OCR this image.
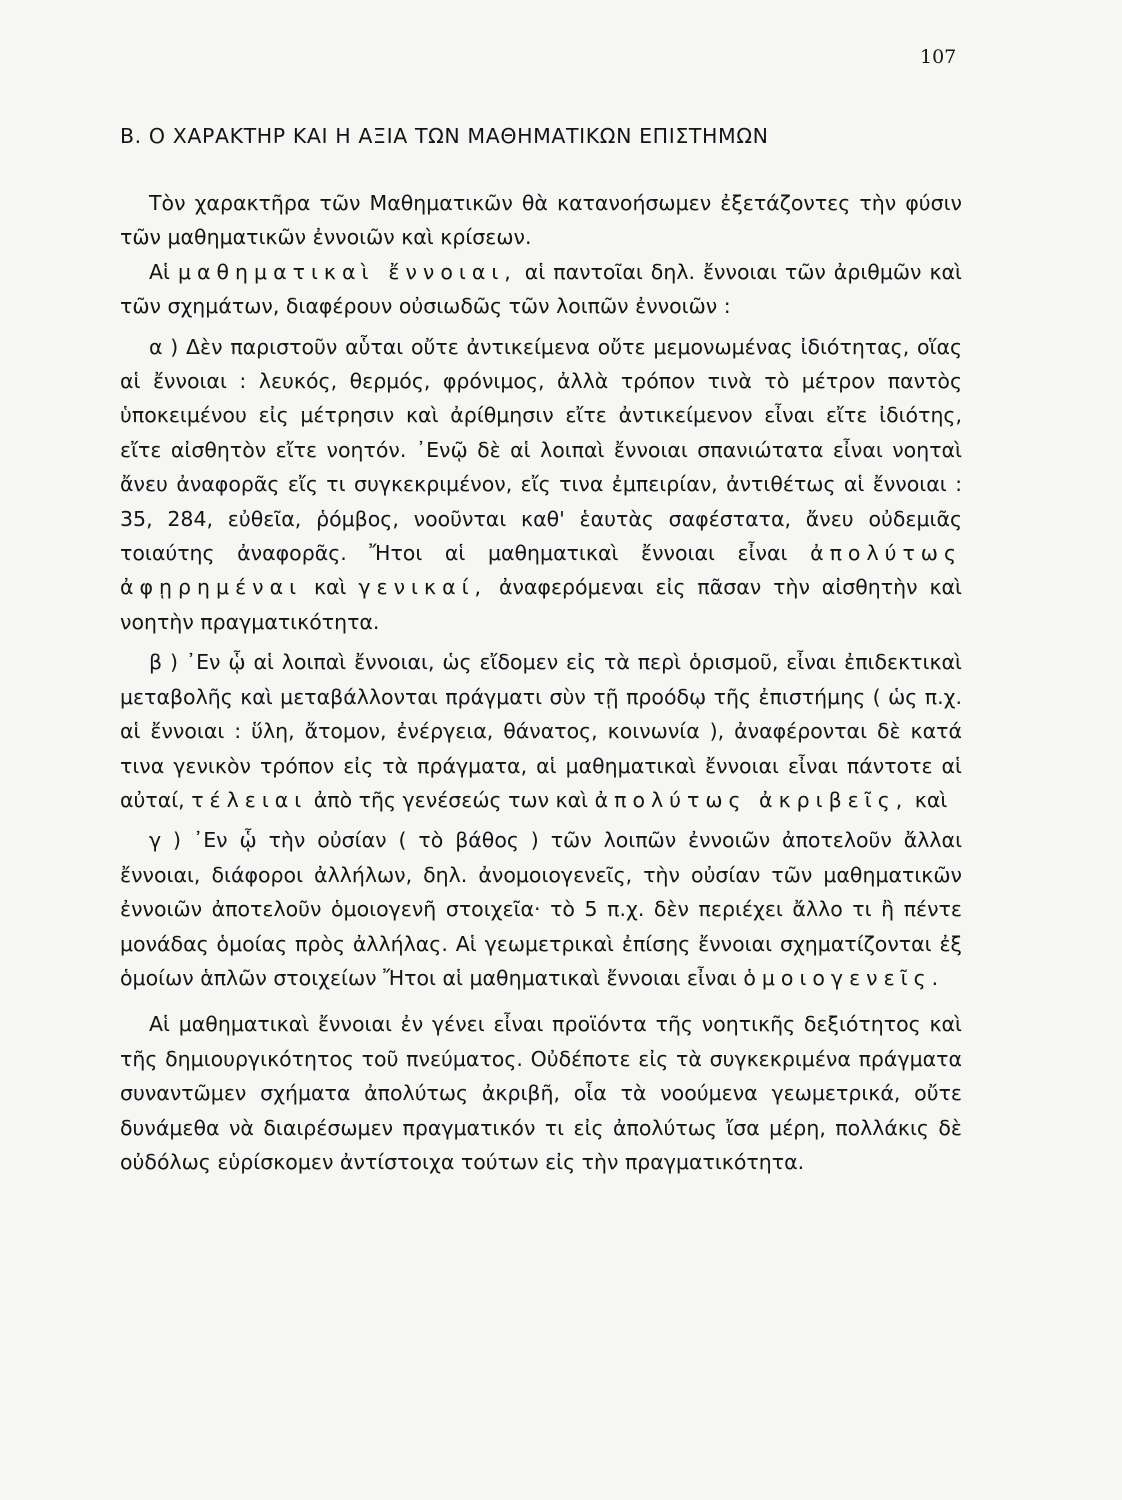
107
B. Ο ΧΑΡΑΚΤΗΡ ΚΑΙ Η ΑΞΙΑ ΤΩΝ ΜΑΘΗΜΑΤΙΚΩΝ ΕΠΙΣΤΗΜΩΝ

Τὸν χαρακτῆρα τῶν Μαθηματικῶν θὰ κατανοήσωμεν ἐξετάζοντες τὴν φύσιν τῶν μαθηματικῶν ἐννοιῶν καὶ κρίσεων.

Αἱ μαθηματικαὶ ἔννοιαι, αἱ παντοῖαι δηλ. ἔννοιαι τῶν ἀριθμῶν καὶ τῶν σχημάτων, διαφέρουν οὐσιωδῶς τῶν λοιπῶν ἐννοιῶν :

α ) Δὲν παριστοῦν αὗται οὔτε ἀντικείμενα οὔτε μεμονωμένας ἰδιότητας, οἵας αἱ ἔννοιαι : λευκός, θερμός, φρόνιμος, ἀλλὰ τρόπον τινὰ τὸ μέτρον παντὸς ὑποκειμένου εἰς μέτρησιν καὶ ἀρίθμησιν εἴτε ἀντικείμενον εἶναι εἴτε ἰδιότης, εἴτε αἰσθητὸν εἴτε νοητόν. ᾿Ενῷ δὲ αἱ λοιπαὶ ἔννοιαι σπανιώτατα εἶναι νοηταὶ ἄνευ ἀναφορᾶς εἴς τι συγκεκριμένον, εἴς τινα ἐμπειρίαν, ἀντιθέτως αἱ ἔννοιαι : 35, 284, εὐθεῖα, ῥόμβος, νοοῦνται καθ' ἑαυτὰς σαφέστατα, ἄνευ οὐδεμιᾶς τοιαύτης ἀναφορᾶς. Ἤτοι αἱ μαθηματικαὶ ἔννοιαι εἶναι ἀπολύτως ἀφῃρημέναι καὶ γενικαί, ἀναφερόμεναι εἰς πᾶσαν τὴν αἰσθητὴν καὶ νοητὴν πραγματικότητα.

β ) ᾿Εν ᾧ αἱ λοιπαὶ ἔννοιαι, ὡς εἴδομεν εἰς τὰ περὶ ὁρισμοῦ, εἶναι ἐπιδεκτικαὶ μεταβολῆς καὶ μεταβάλλονται πράγματι σὺν τῇ προόδῳ τῆς ἐπιστήμης ( ὡς π.χ. αἱ ἔννοιαι : ὕλη, ἄτομον, ἐνέργεια, θάνατος, κοινωνία ), ἀναφέρονται δὲ κατά τινα γενικὸν τρόπον εἰς τὰ πράγματα, αἱ μαθηματικαὶ ἔννοιαι εἶναι πάντοτε αἱ αὐταί, τέλειαι ἀπὸ τῆς γενέσεώς των καὶ ἀπολύτως ἀκριβεῖς, καὶ

γ ) ᾿Εν ᾧ τὴν οὐσίαν ( τὸ βάθος ) τῶν λοιπῶν ἐννοιῶν ἀποτελοῦν ἄλλαι ἔννοιαι, διάφοροι ἀλλήλων, δηλ. ἀνομοιογενεῖς, τὴν οὐσίαν τῶν μαθηματικῶν ἐννοιῶν ἀποτελοῦν ὁμοιογενῆ στοιχεῖα· τὸ 5 π.χ. δὲν περιέχει ἄλλο τι ἢ πέντε μονάδας ὁμοίας πρὸς ἀλλήλας. Αἱ γεωμετρικαὶ ἐπίσης ἔννοιαι σχηματίζονται ἐξ ὁμοίων ἁπλῶν στοιχείων Ἤτοι αἱ μαθηματικαὶ ἔννοιαι εἶναι ὁμοιογενεῖς.

Αἱ μαθηματικαὶ ἔννοιαι ἐν γένει εἶναι προϊόντα τῆς νοητικῆς δεξιότητος καὶ τῆς δημιουργικότητος τοῦ πνεύματος. Οὐδέποτε εἰς τὰ συγκεκριμένα πράγματα συναντῶμεν σχήματα ἀπολύτως ἀκριβῆ, οἷα τὰ νοούμενα γεωμετρικά, οὔτε δυνάμεθα νὰ διαιρέσωμεν πραγματικόν τι εἰς ἀπολύτως ἴσα μέρη, πολλάκις δὲ οὐδόλως εὑρίσκομεν ἀντίστοιχα τούτων εἰς τὴν πραγματικότητα.
